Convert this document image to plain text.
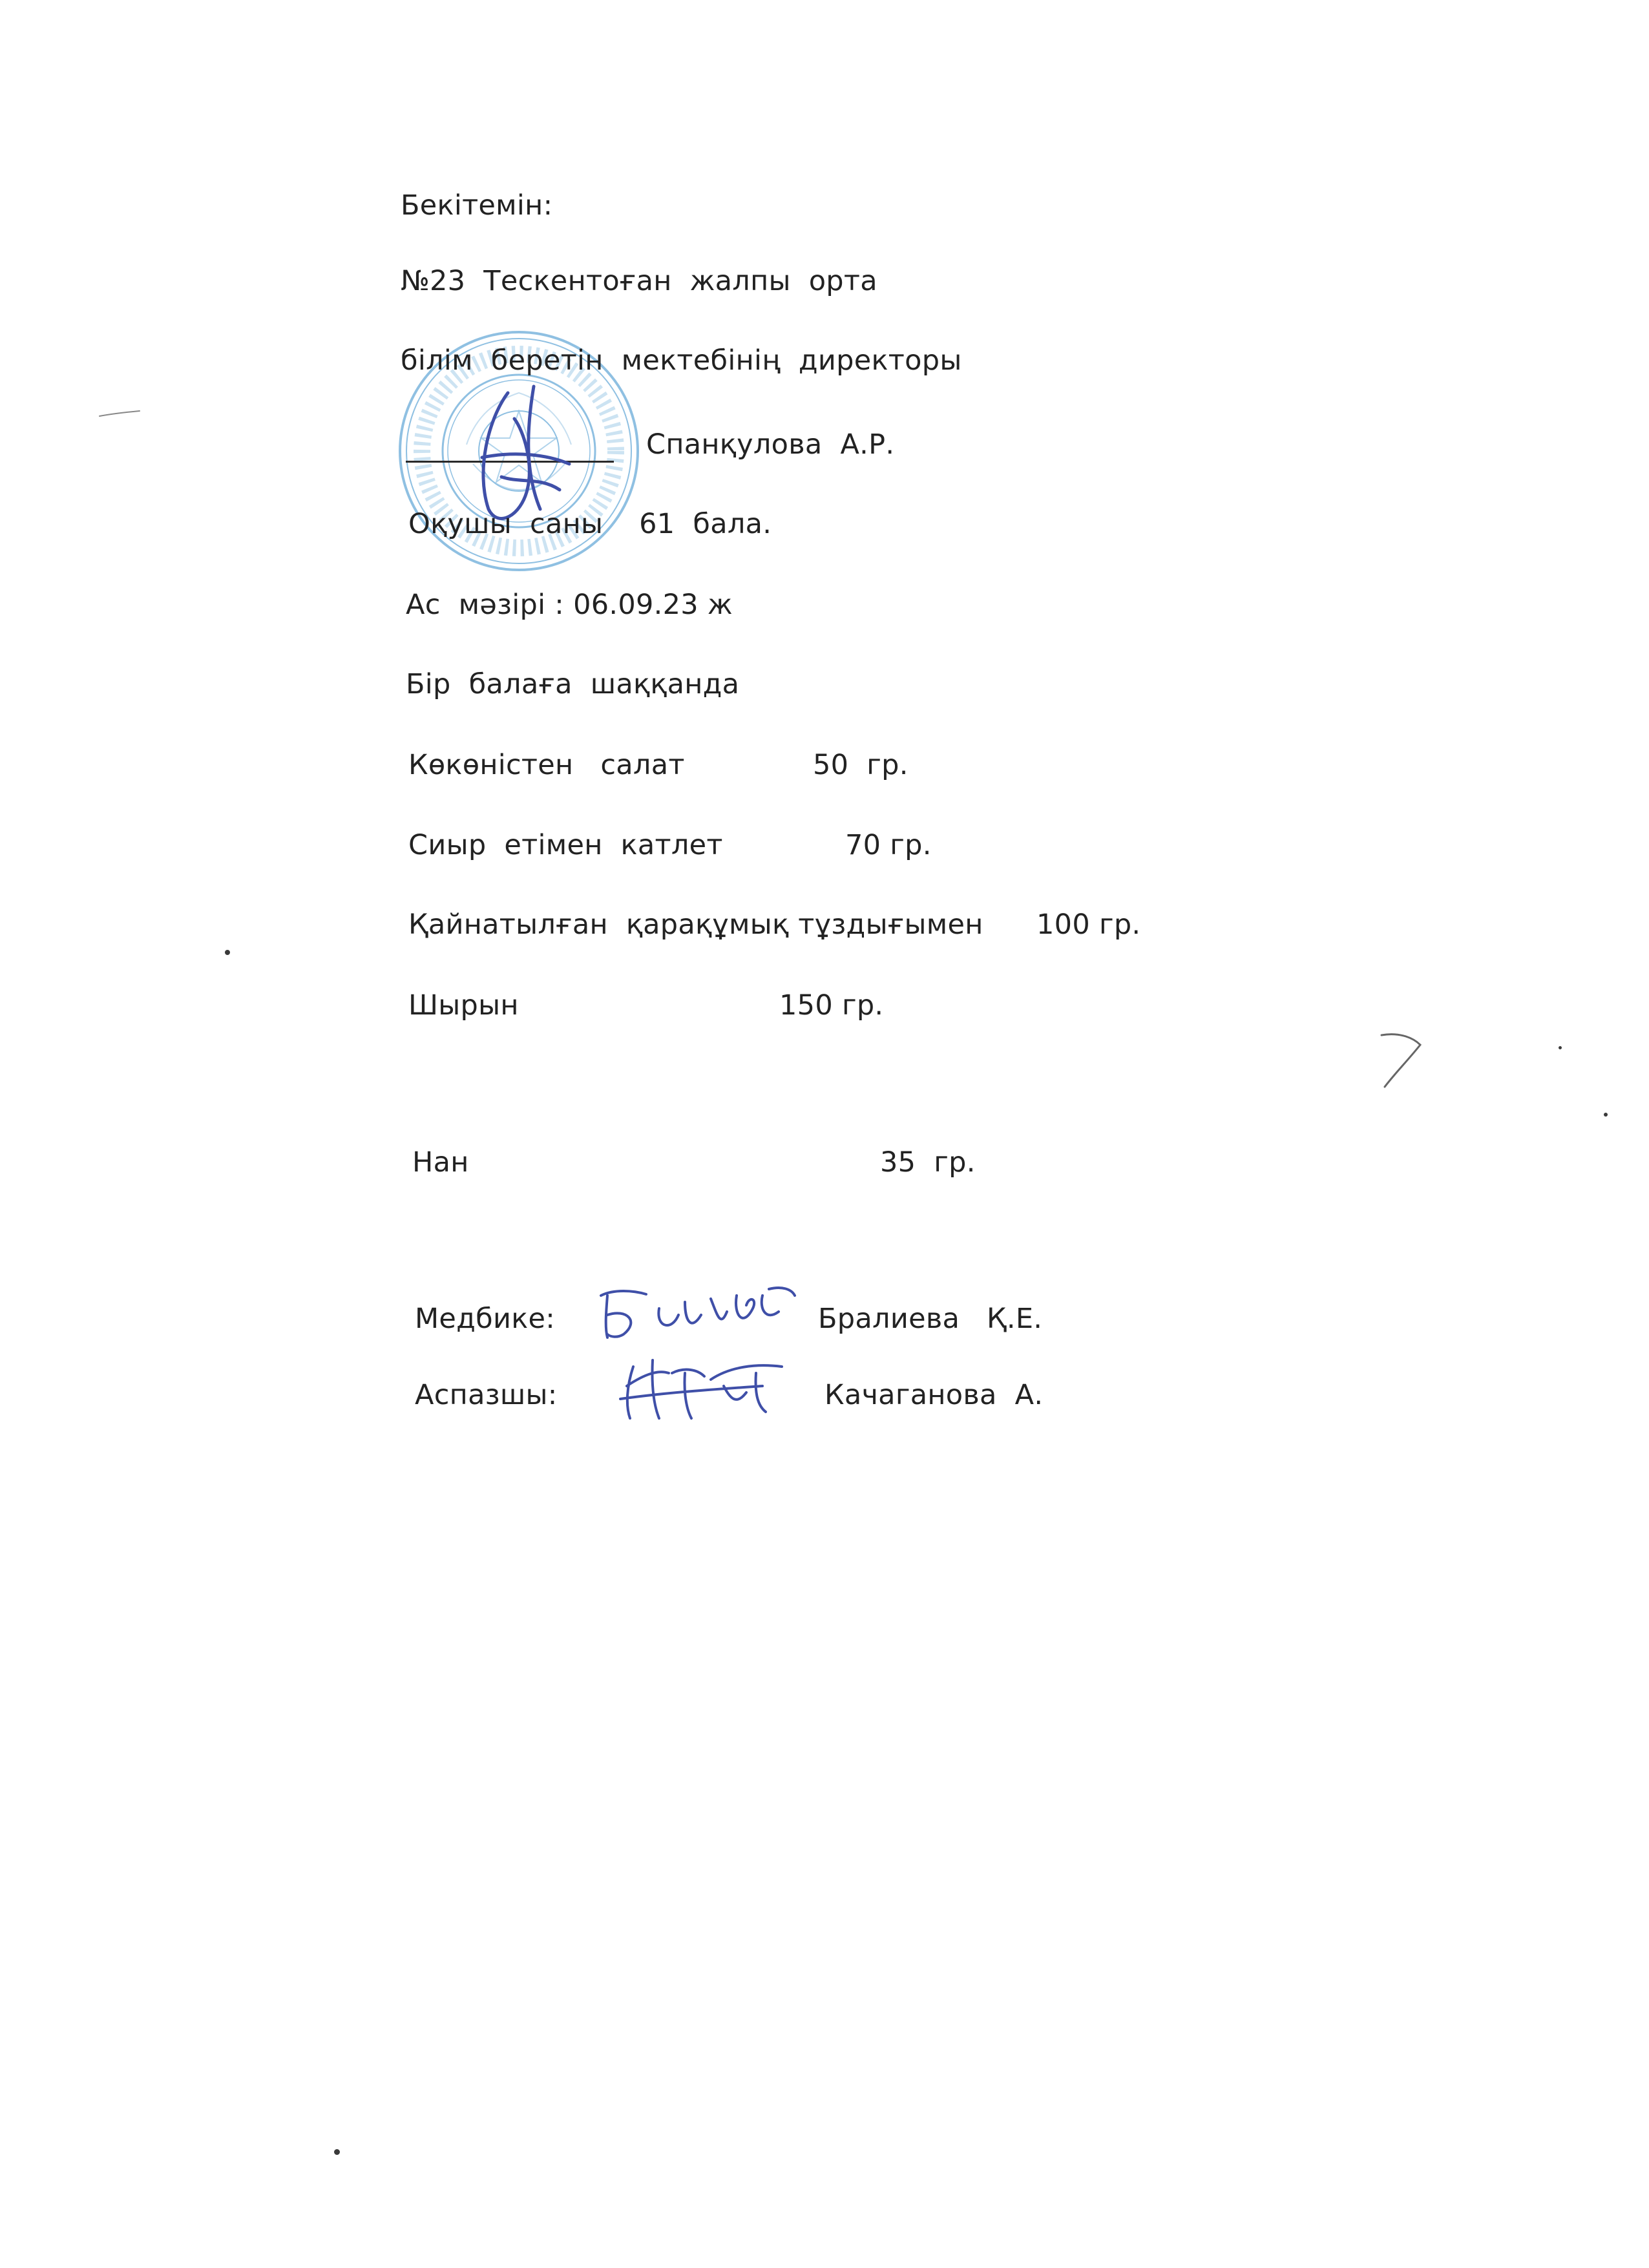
Бекітемін:
№23  Тескентоған  жалпы  орта
білім  беретін  мектебінің  директоры
Спанқулова  А.Р.
Оқушы  саны    61  бала.
Ас  мәзірі : 06.09.23 ж
Бір  балаға  шаққанда
Көкөністен   салат	50  гр.
Сиыр  етімен  катлет	70 гр.
Қайнатылған  қарақұмық тұздығымен 100 гр.
Шырын	150 гр.
Нан	35  гр.
Медбике:	Бралиева   Қ.Е.
Аспазшы:	Качаганова  А.
